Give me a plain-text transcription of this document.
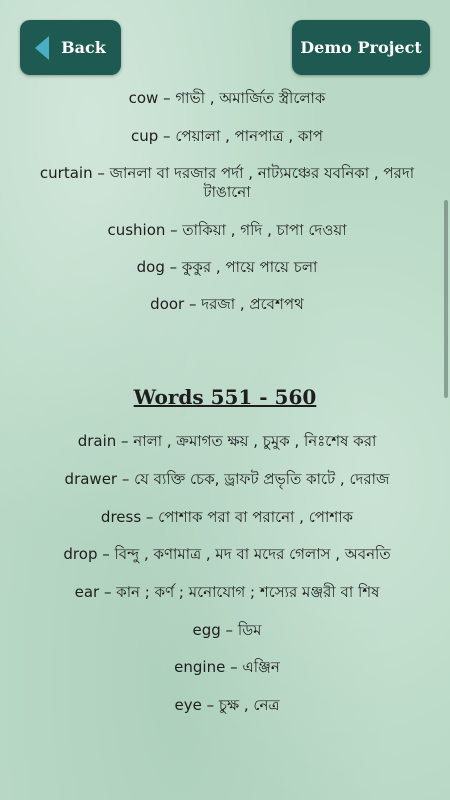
Back	Demo Project
cow – গাভী , অমার্জিত স্ত্রীলোক
cup – পেয়ালা , পানপাত্র , কাপ
curtain – জানলা বা দরজার পর্দা , নাট্যমঞ্চের যবনিকা , পরদা টাঙানো
cushion – তাকিয়া , গদি , চাপা দেওয়া
dog – কুকুর , পায়ে পায়ে চলা
door – দরজা , প্রবেশপথ
Words 551 - 560
drain – নালা , ক্রমাগত ক্ষয় , চুমুক , নিঃশেষ করা
drawer – যে ব্যক্তি চেক, ড্রাফট প্রভৃতি কাটে , দেরাজ
dress – পোশাক পরা বা পরানো , পোশাক
drop – বিন্দু , কণামাত্র , মদ বা মদের গেলাস , অবনতি
ear – কান ; কর্ণ ; মনোযোগ ; শস্যের মঞ্জরী বা শিষ
egg – ডিম
engine – এঞ্জিন
eye – চুক্ষ , নেত্র
